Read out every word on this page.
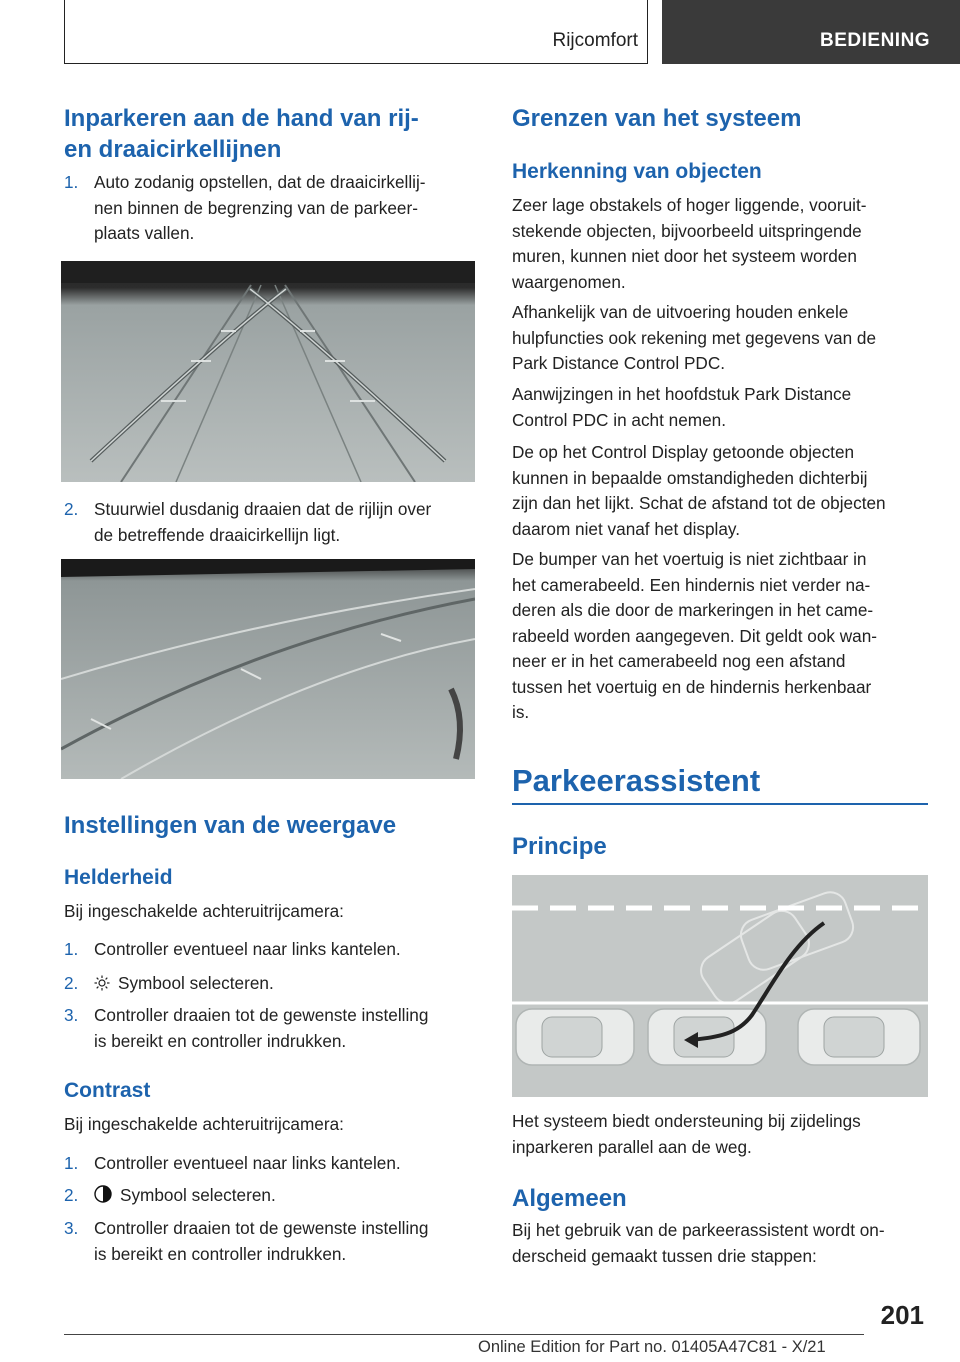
Rijcomfort	BEDIENING
Inparkeren aan de hand van rij‐
en draaicirkellijnen
1. Auto zodanig opstellen, dat de draaicirkellij‐
nen binnen de begrenzing van de parkeer‐
plaats vallen.
2. Stuurwiel dusdanig draaien dat de rijlijn over
de betreffende draaicirkellijn ligt.
Instellingen van de weergave
Helderheid
Bij ingeschakelde achteruitrijcamera:
1. Controller eventueel naar links kantelen.
2.	Symbool selecteren.
3. Controller draaien tot de gewenste instelling
is bereikt en controller indrukken.
Contrast
Bij ingeschakelde achteruitrijcamera:
1. Controller eventueel naar links kantelen.
2.	Symbool selecteren.
3. Controller draaien tot de gewenste instelling
is bereikt en controller indrukken.
Grenzen van het systeem
Herkenning van objecten
Zeer lage obstakels of hoger liggende, vooruit‐
stekende objecten, bijvoorbeeld uitspringende
muren, kunnen niet door het systeem worden
waargenomen.
Afhankelijk van de uitvoering houden enkele
hulpfuncties ook rekening met gegevens van de
Park Distance Control PDC.
Aanwijzingen in het hoofdstuk Park Distance
Control PDC in acht nemen.
De op het Control Display getoonde objecten
kunnen in bepaalde omstandigheden dichterbij
zijn dan het lijkt. Schat de afstand tot de objecten
daarom niet vanaf het display.
De bumper van het voertuig is niet zichtbaar in
het camerabeeld. Een hindernis niet verder na‐
deren als die door de markeringen in het came‐
rabeeld worden aangegeven. Dit geldt ook wan‐
neer er in het camerabeeld nog een afstand
tussen het voertuig en de hindernis herkenbaar
is.
Parkeerassistent
Principe
Het systeem biedt ondersteuning bij zijdelings
inparkeren parallel aan de weg.
Algemeen
Bij het gebruik van de parkeerassistent wordt on‐
derscheid gemaakt tussen drie stappen:
201
Online Edition for Part no. 01405A47C81 - X/21
